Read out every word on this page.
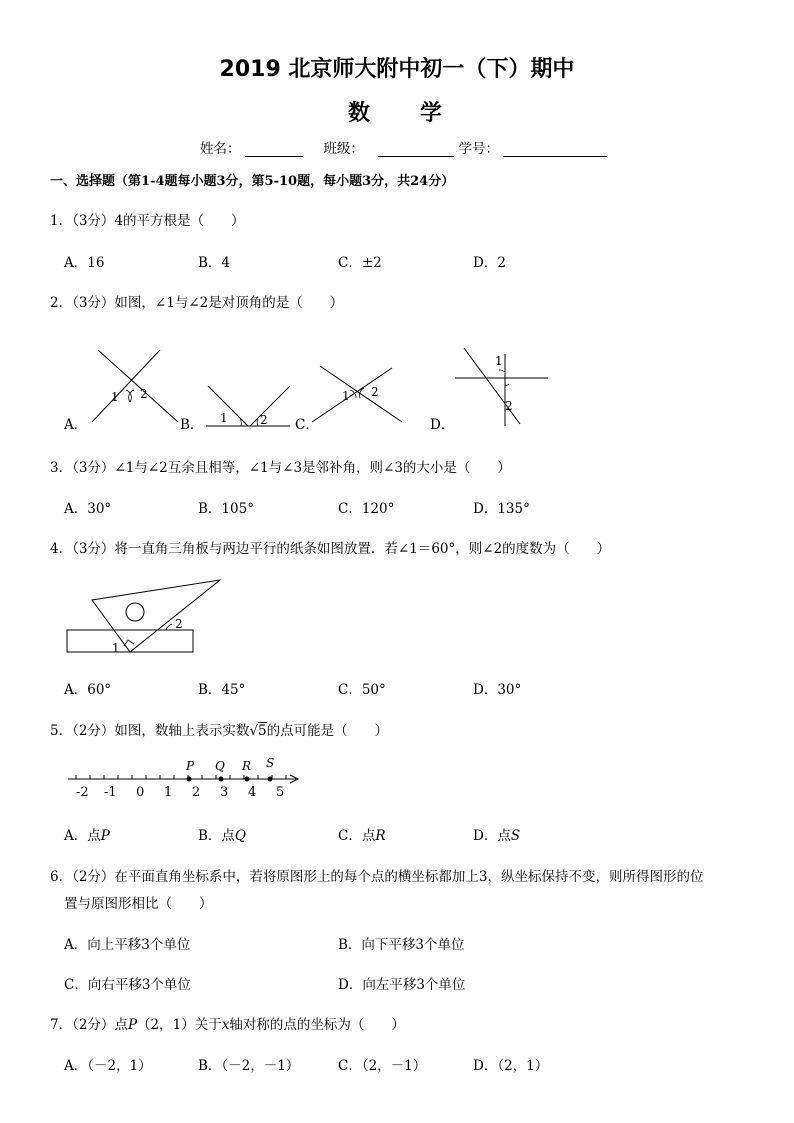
2019 北京师大附中初一（下）期中
数学
姓名：	班级：	学号：
一、选择题（第1-4题每小题3分，第5-10题，每小题3分，共24分）
1．（3分）4的平方根是（　　）
A．16	B．4	C．±2	D．2
2．（3分）如图，∠1与∠2是对顶角的是（　　）
1 2
A．	1	2
B．
1 2
C．
1
2
D．
3．（3分）∠1与∠2互余且相等，∠1与∠3是邻补角，则∠3的大小是（　　）
A．30°	B．105°	C．120°	D．135°
4．（3分）将一直角三角板与两边平行的纸条如图放置．若∠1＝60°，则∠2的度数为（　　）
1
2
A．60°	B．45°	C．50°	D．30°
5．（2分）如图，数轴上表示实数√5的点可能是（　　）
P Q R S
-2 -1 0 1 2 3 4 5
A．点P	B．点Q	C．点R	D．点S
6．（2分）在平面直角坐标系中，若将原图形上的每个点的横坐标都加上3，纵坐标保持不变，则所得图形的位
置与原图形相比（　　）
A．向上平移3个单位	B．向下平移3个单位
C．向右平移3个单位	D．向左平移3个单位
7．（2分）点P（2，1）关于x轴对称的点的坐标为（　　）
A．（－2，1）	B．（－2，－1）	C．（2，－1）	D．（2，1）
